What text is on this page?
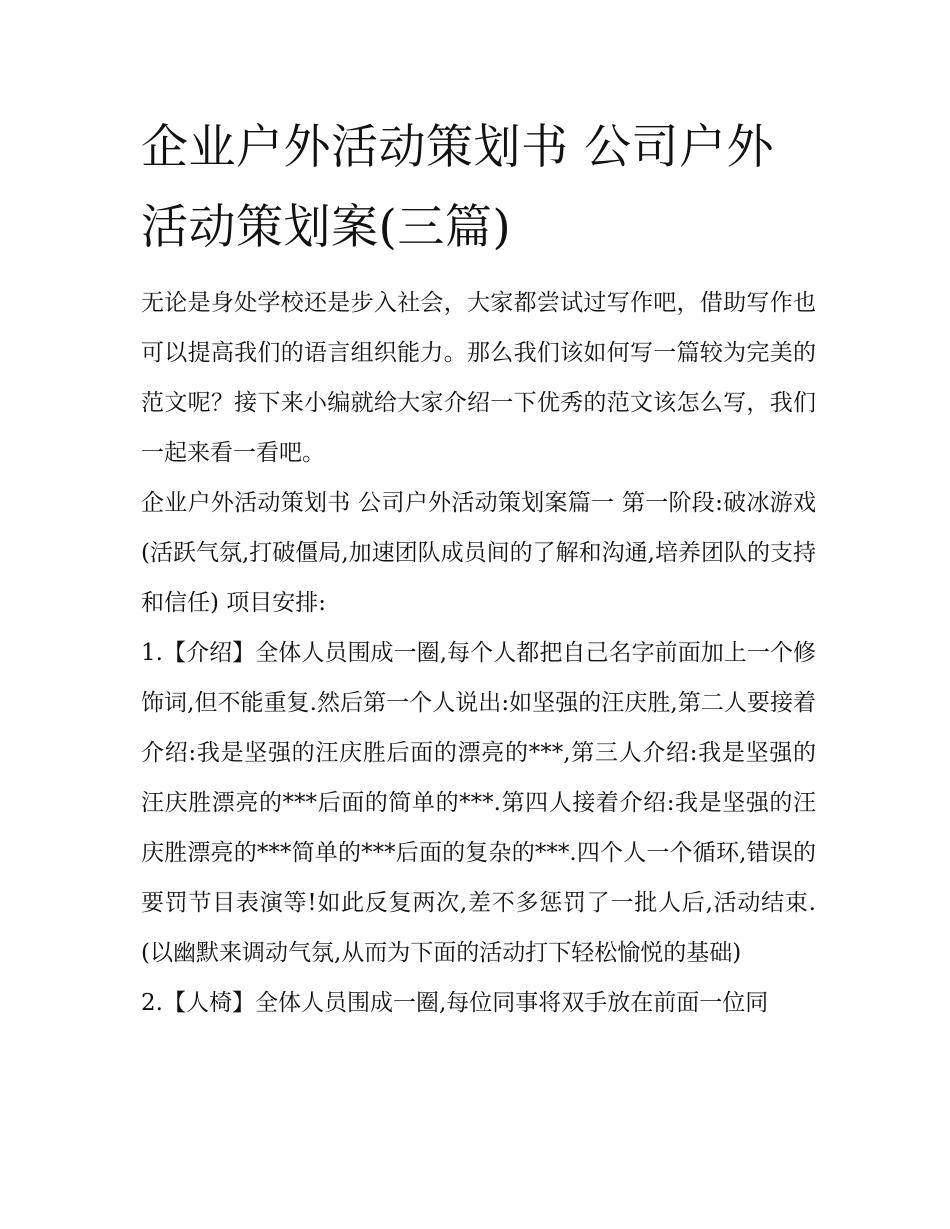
企业户外活动策划书 公司户外活动策划案(三篇)

无论是身处学校还是步入社会，大家都尝试过写作吧，借助写作也可以提高我们的语言组织能力。那么我们该如何写一篇较为完美的范文呢？接下来小编就给大家介绍一下优秀的范文该怎么写，我们一起来看一看吧。

企业户外活动策划书 公司户外活动策划案篇一 第一阶段:破冰游戏(活跃气氛,打破僵局,加速团队成员间的了解和沟通,培养团队的支持和信任) 项目安排:

1.【介绍】全体人员围成一圈,每个人都把自己名字前面加上一个修饰词,但不能重复.然后第一个人说出:如坚强的汪庆胜,第二人要接着介绍:我是坚强的汪庆胜后面的漂亮的***,第三人介绍:我是坚强的汪庆胜漂亮的***后面的简单的***.第四人接着介绍:我是坚强的汪庆胜漂亮的***简单的***后面的复杂的***.四个人一个循环,错误的要罚节目表演等!如此反复两次,差不多惩罚了一批人后,活动结束.(以幽默来调动气氛,从而为下面的活动打下轻松愉悦的基础)

2.【人椅】全体人员围成一圈,每位同事将双手放在前面一位同
